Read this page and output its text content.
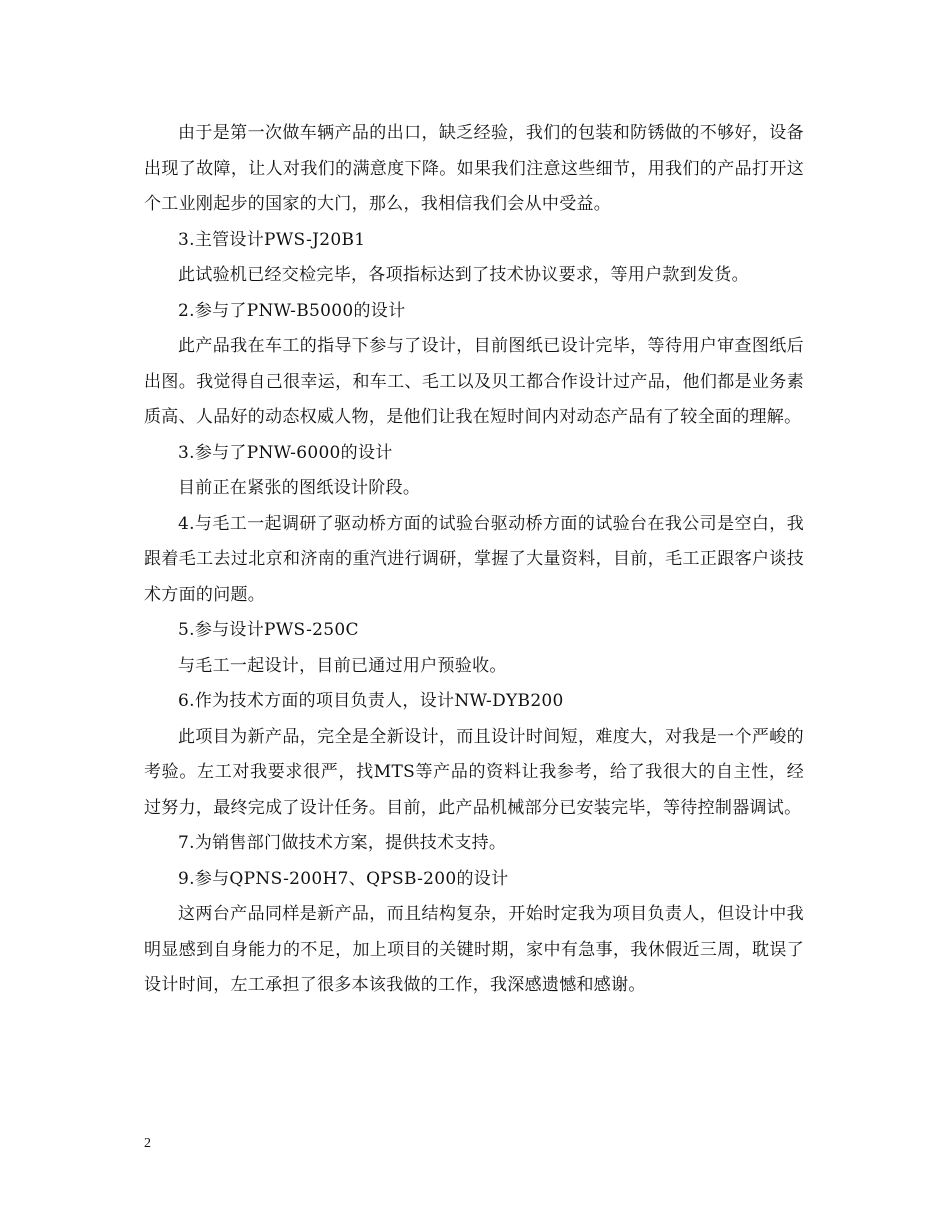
由于是第一次做车辆产品的出口，缺乏经验，我们的包装和防锈做的不够好，设备出现了故障，让人对我们的满意度下降。如果我们注意这些细节，用我们的产品打开这个工业刚起步的国家的大门，那么，我相信我们会从中受益。

3.主管设计PWS-J20B1

此试验机已经交检完毕，各项指标达到了技术协议要求，等用户款到发货。

2.参与了PNW-B5000的设计

此产品我在车工的指导下参与了设计，目前图纸已设计完毕，等待用户审查图纸后出图。我觉得自己很幸运，和车工、毛工以及贝工都合作设计过产品，他们都是业务素质高、人品好的动态权威人物，是他们让我在短时间内对动态产品有了较全面的理解。

3.参与了PNW-6000的设计

目前正在紧张的图纸设计阶段。

4.与毛工一起调研了驱动桥方面的试验台驱动桥方面的试验台在我公司是空白，我跟着毛工去过北京和济南的重汽进行调研，掌握了大量资料，目前，毛工正跟客户谈技术方面的问题。

5.参与设计PWS-250C

与毛工一起设计，目前已通过用户预验收。

6.作为技术方面的项目负责人，设计NW-DYB200

此项目为新产品，完全是全新设计，而且设计时间短，难度大，对我是一个严峻的考验。左工对我要求很严，找MTS等产品的资料让我参考，给了我很大的自主性，经过努力，最终完成了设计任务。目前，此产品机械部分已安装完毕，等待控制器调试。

7.为销售部门做技术方案，提供技术支持。

9.参与QPNS-200H7、QPSB-200的设计

这两台产品同样是新产品，而且结构复杂，开始时定我为项目负责人，但设计中我明显感到自身能力的不足，加上项目的关键时期，家中有急事，我休假近三周，耽误了设计时间，左工承担了很多本该我做的工作，我深感遗憾和感谢。

2
